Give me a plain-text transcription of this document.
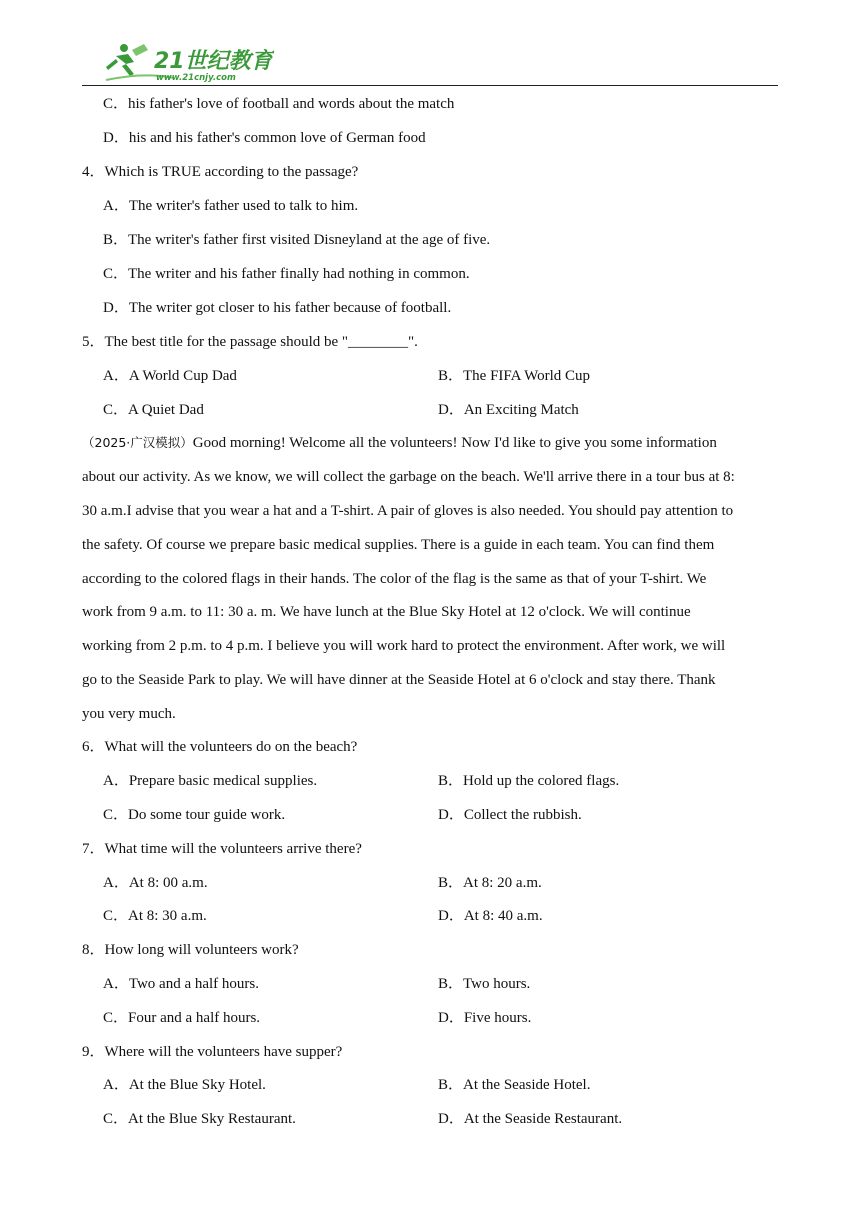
21世纪教育
www.21cnjy.com
C．his father's love of football and words about the match
D．his and his father's common love of German food
4．Which is TRUE according to the passage?
A．The writer's father used to talk to him.
B．The writer's father first visited Disneyland at the age of five.
C．The writer and his father finally had nothing in common.
D．The writer got closer to his father because of football.
5．The best title for the passage should be "________".
A．A World Cup Dad	B．The FIFA World Cup
C．A Quiet Dad	D．An Exciting Match
（2025·广汉模拟）Good morning! Welcome all the volunteers! Now I'd like to give you some information
about our activity. As we know, we will collect the garbage on the beach. We'll arrive there in a tour bus at 8:
30 a.m.I advise that you wear a hat and a T-shirt. A pair of gloves is also needed. You should pay attention to
the safety. Of course we prepare basic medical supplies. There is a guide in each team. You can find them
according to the colored flags in their hands. The color of the flag is the same as that of your T-shirt. We
work from 9 a.m. to 11: 30 a. m. We have lunch at the Blue Sky Hotel at 12 o'clock. We will continue
working from 2 p.m. to 4 p.m. I believe you will work hard to protect the environment. After work, we will
go to the Seaside Park to play. We will have dinner at the Seaside Hotel at 6 o'clock and stay there. Thank
you very much.
6．What will the volunteers do on the beach?
A．Prepare basic medical supplies.	B．Hold up the colored flags.
C．Do some tour guide work.	D．Collect the rubbish.
7．What time will the volunteers arrive there?
A．At 8: 00 a.m.	B．At 8: 20 a.m.
C．At 8: 30 a.m.	D．At 8: 40 a.m.
8．How long will volunteers work?
A．Two and a half hours.	B．Two hours.
C．Four and a half hours.	D．Five hours.
9．Where will the volunteers have supper?
A．At the Blue Sky Hotel.	B．At the Seaside Hotel.
C．At the Blue Sky Restaurant.	D．At the Seaside Restaurant.
